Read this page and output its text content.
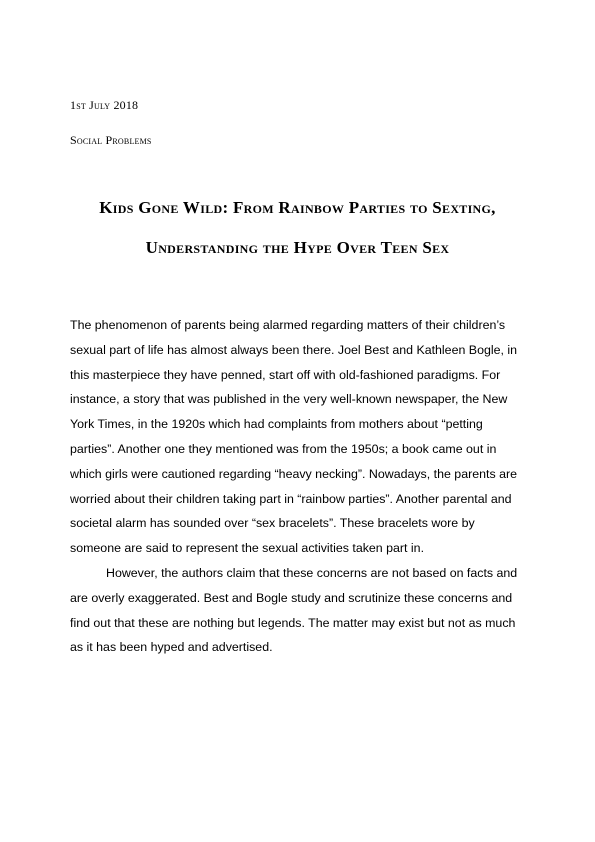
1st July 2018
Social Problems
Kids Gone Wild: From Rainbow Parties to Sexting,
Understanding the Hype Over Teen Sex

The phenomenon of parents being alarmed regarding matters of their children’s sexual part of life has almost always been there. Joel Best and Kathleen Bogle, in this masterpiece they have penned, start off with old-fashioned paradigms. For instance, a story that was published in the very well-known newspaper, the New York Times, in the 1920s which had complaints from mothers about “petting parties”. Another one they mentioned was from the 1950s; a book came out in which girls were cautioned regarding “heavy necking”. Nowadays, the parents are worried about their children taking part in “rainbow parties”. Another parental and societal alarm has sounded over “sex bracelets”. These bracelets wore by someone are said to represent the sexual activities taken part in.

However, the authors claim that these concerns are not based on facts and are overly exaggerated. Best and Bogle study and scrutinize these concerns and find out that these are nothing but legends. The matter may exist but not as much as it has been hyped and advertised.
